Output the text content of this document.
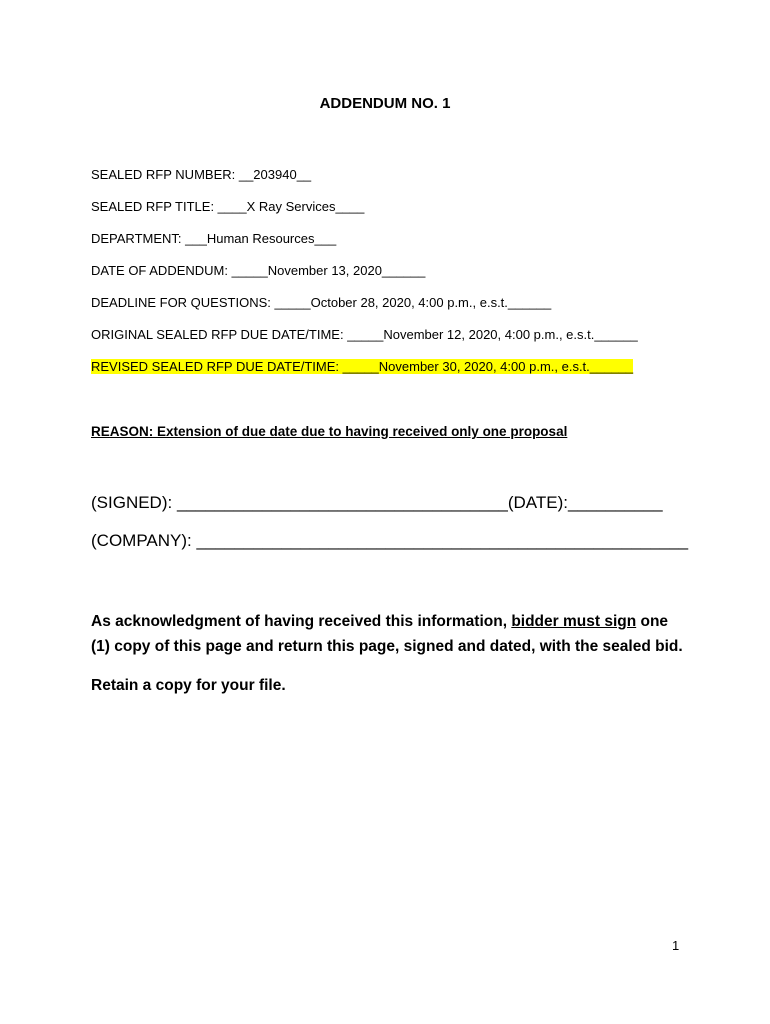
ADDENDUM NO. 1
SEALED RFP NUMBER: __203940__
SEALED RFP TITLE: ____X Ray Services____
DEPARTMENT: ___Human Resources___
DATE OF ADDENDUM: _____November 13, 2020______
DEADLINE FOR QUESTIONS: _____October 28, 2020, 4:00 p.m., e.s.t.______
ORIGINAL SEALED RFP DUE DATE/TIME: _____November 12, 2020, 4:00 p.m., e.s.t.______
REVISED SEALED RFP DUE DATE/TIME: _____November 30, 2020, 4:00 p.m., e.s.t.______
REASON: Extension of due date due to having received only one proposal
(SIGNED): ___________________________________(DATE):__________
(COMPANY): ____________________________________________________
As acknowledgment of having received this information, bidder must sign one
(1) copy of this page and return this page, signed and dated, with the sealed bid.
Retain a copy for your file.
1
